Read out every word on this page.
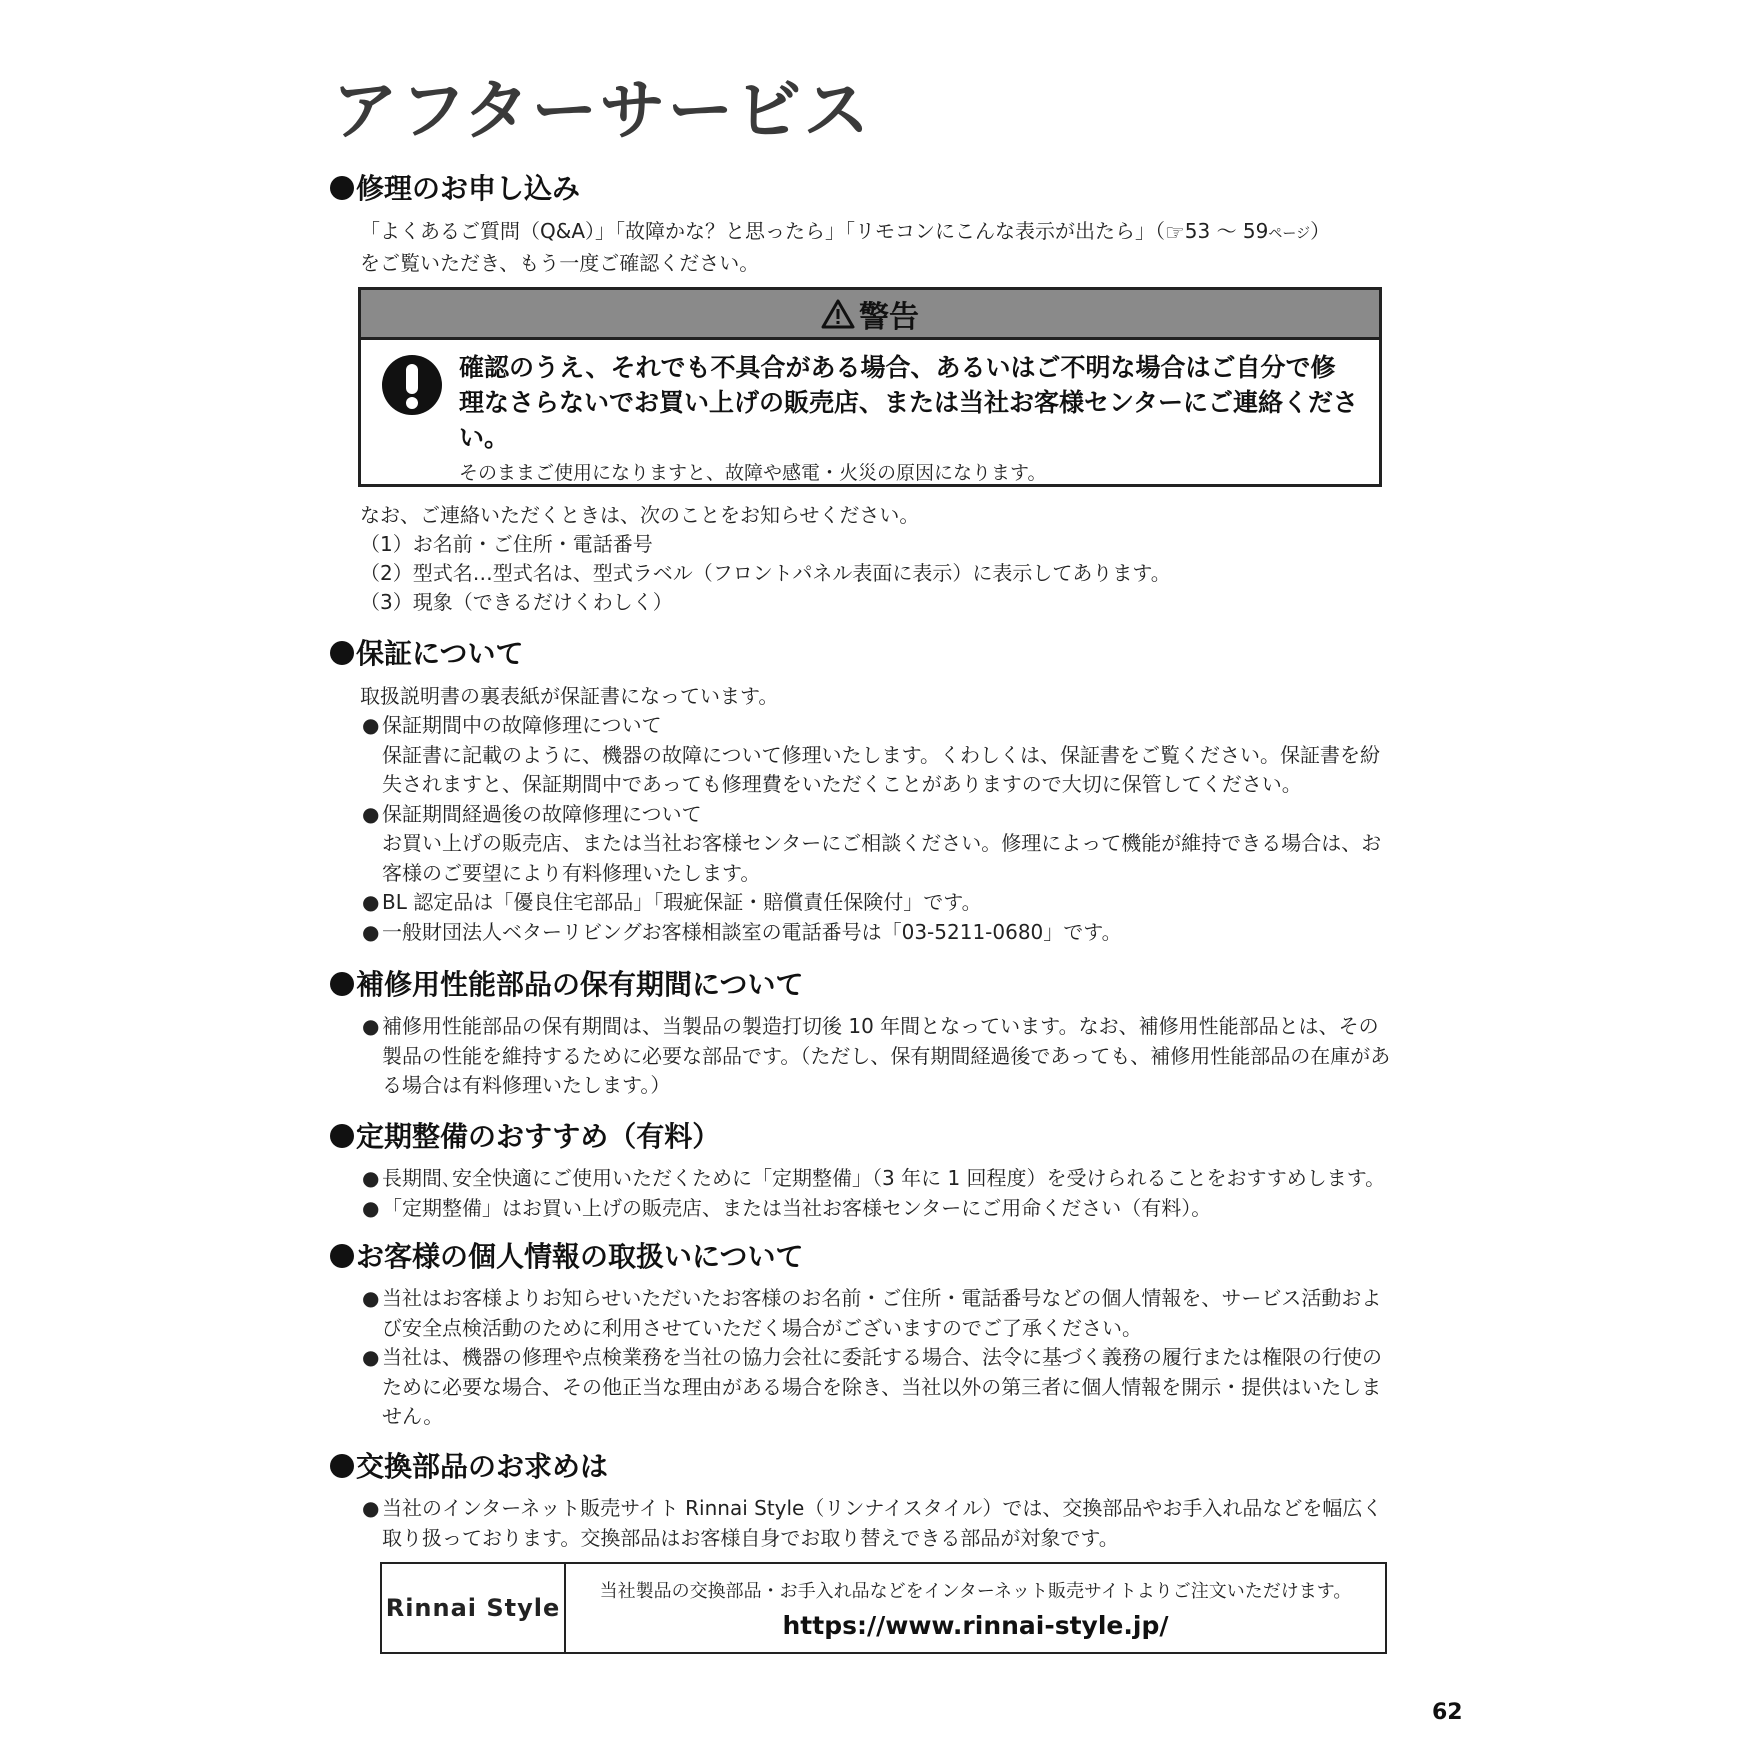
アフターサービス
修理のお申し込み
「よくあるご質問（Q&A）」「故障かな？と思ったら」「リモコンにこんな表示が出たら」（☞53 ～ 59ページ）
をご覧いただき、もう一度ご確認ください。
警告
確認のうえ、それでも不具合がある場合、あるいはご不明な場合はご自分で修理なさらないでお買い上げの販売店、または当社お客様センターにご連絡ください。
そのままご使用になりますと、故障や感電・火災の原因になります。
なお、ご連絡いただくときは、次のことをお知らせください。
（1）お名前・ご住所・電話番号
（2）型式名…型式名は、型式ラベル（フロントパネル表面に表示）に表示してあります。
（3）現象（できるだけくわしく）
保証について
取扱説明書の裏表紙が保証書になっています。
● 保証期間中の故障修理について
保証書に記載のように、機器の故障について修理いたします。くわしくは、保証書をご覧ください。保証書を紛失されますと、保証期間中であっても修理費をいただくことがありますので大切に保管してください。
● 保証期間経過後の故障修理について
お買い上げの販売店、または当社お客様センターにご相談ください。修理によって機能が維持できる場合は、お客様のご要望により有料修理いたします。
● BL 認定品は「優良住宅部品」「瑕疵保証・賠償責任保険付」です。
● 一般財団法人ベターリビングお客様相談室の電話番号は「03-5211-0680」です。
補修用性能部品の保有期間について
● 補修用性能部品の保有期間は、当製品の製造打切後 10 年間となっています。なお、補修用性能部品とは、その製品の性能を維持するために必要な部品です。（ただし、保有期間経過後であっても、補修用性能部品の在庫がある場合は有料修理いたします。）
定期整備のおすすめ（有料）
● 長期間､安全快適にご使用いただくために「定期整備」（3 年に 1 回程度）を受けられることをおすすめします。
● 「定期整備」はお買い上げの販売店、または当社お客様センターにご用命ください（有料）。
お客様の個人情報の取扱いについて
● 当社はお客様よりお知らせいただいたお客様のお名前・ご住所・電話番号などの個人情報を、サービス活動および安全点検活動のために利用させていただく場合がございますのでご了承ください。
● 当社は、機器の修理や点検業務を当社の協力会社に委託する場合、法令に基づく義務の履行または権限の行使のために必要な場合、その他正当な理由がある場合を除き、当社以外の第三者に個人情報を開示・提供はいたしません。
交換部品のお求めは
● 当社のインターネット販売サイト Rinnai Style（リンナイスタイル）では、交換部品やお手入れ品などを幅広く取り扱っております。交換部品はお客様自身でお取り替えできる部品が対象です。
Rinnai Style
当社製品の交換部品・お手入れ品などをインターネット販売サイトよりご注文いただけます。
https://www.rinnai-style.jp/
62
